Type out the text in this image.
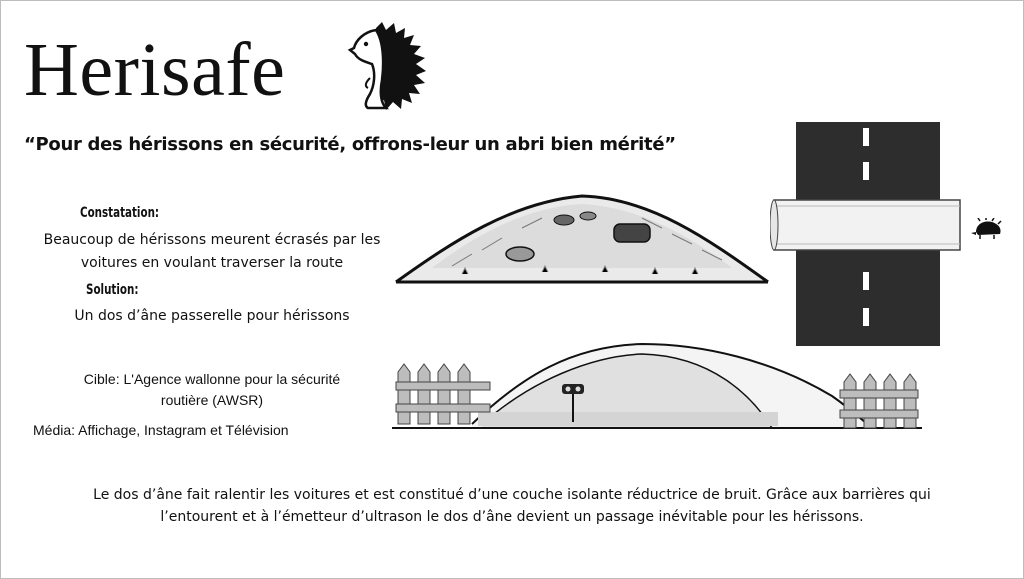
Herisafe
“Pour des hérissons en sécurité, offrons-leur un abri bien mérité”
Constatation:
Beaucoup de hérissons meurent écrasés par les
voitures en voulant traverser la route
Solution:
Un dos d’âne passerelle pour hérissons
Cible: L'Agence wallonne pour la sécurité
routière (AWSR)
Média: Affichage, Instagram et Télévision
Le dos d’âne fait ralentir les voitures et est constitué d’une couche isolante réductrice de bruit. Grâce aux barrières qui
l’entourent et à l’émetteur d’ultrason le dos d’âne devient un passage inévitable pour les hérissons.
